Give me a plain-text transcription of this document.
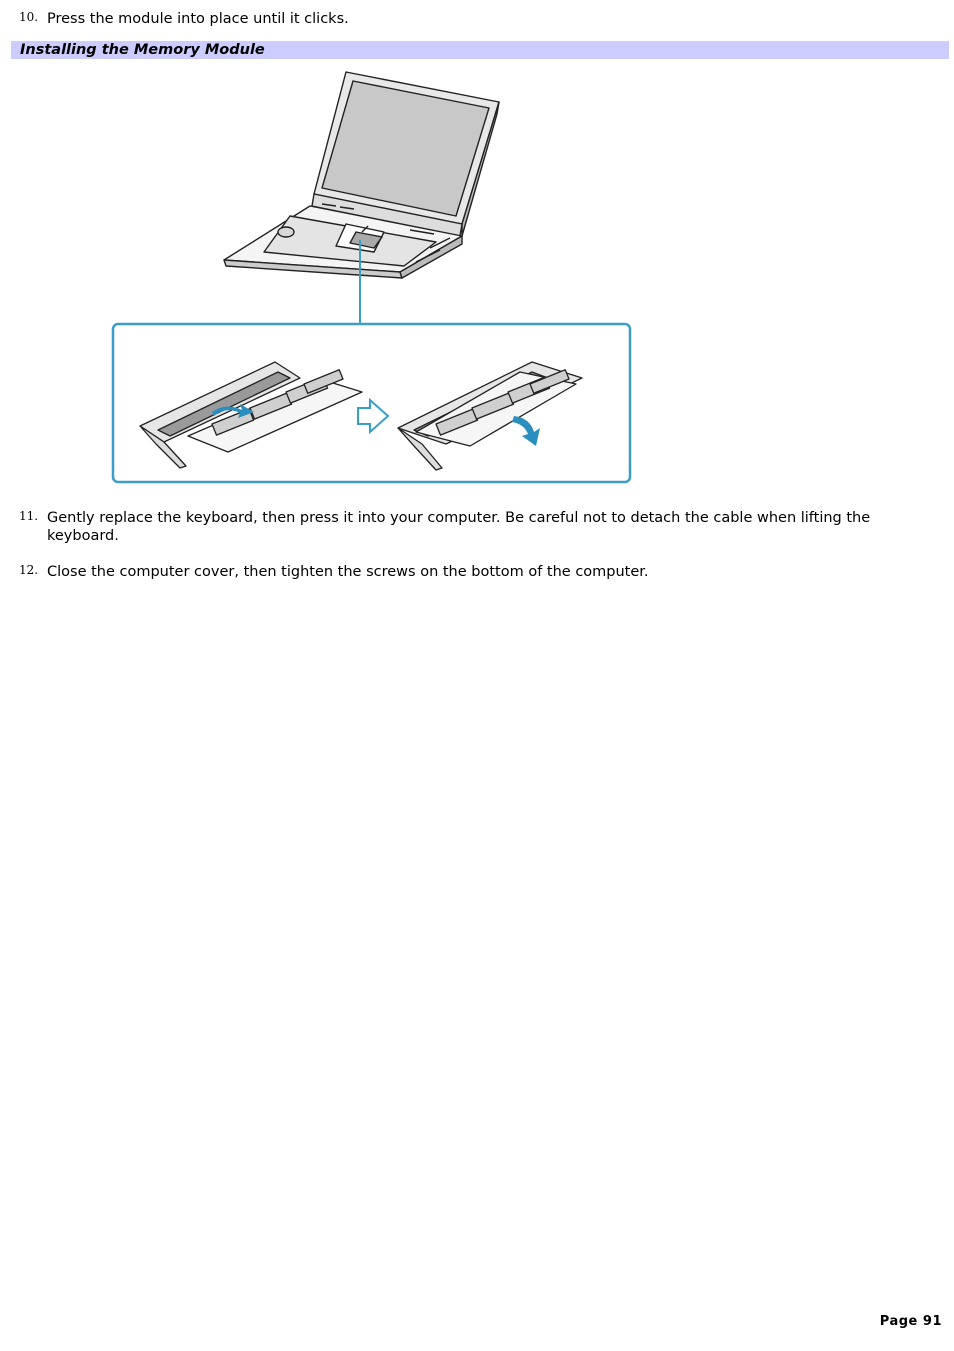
10. Press the module into place until it clicks.
Installing the Memory Module
11. Gently replace the keyboard, then press it into your computer. Be careful not to detach the cable when lifting the keyboard.
12. Close the computer cover, then tighten the screws on the bottom of the computer.
Page 91
